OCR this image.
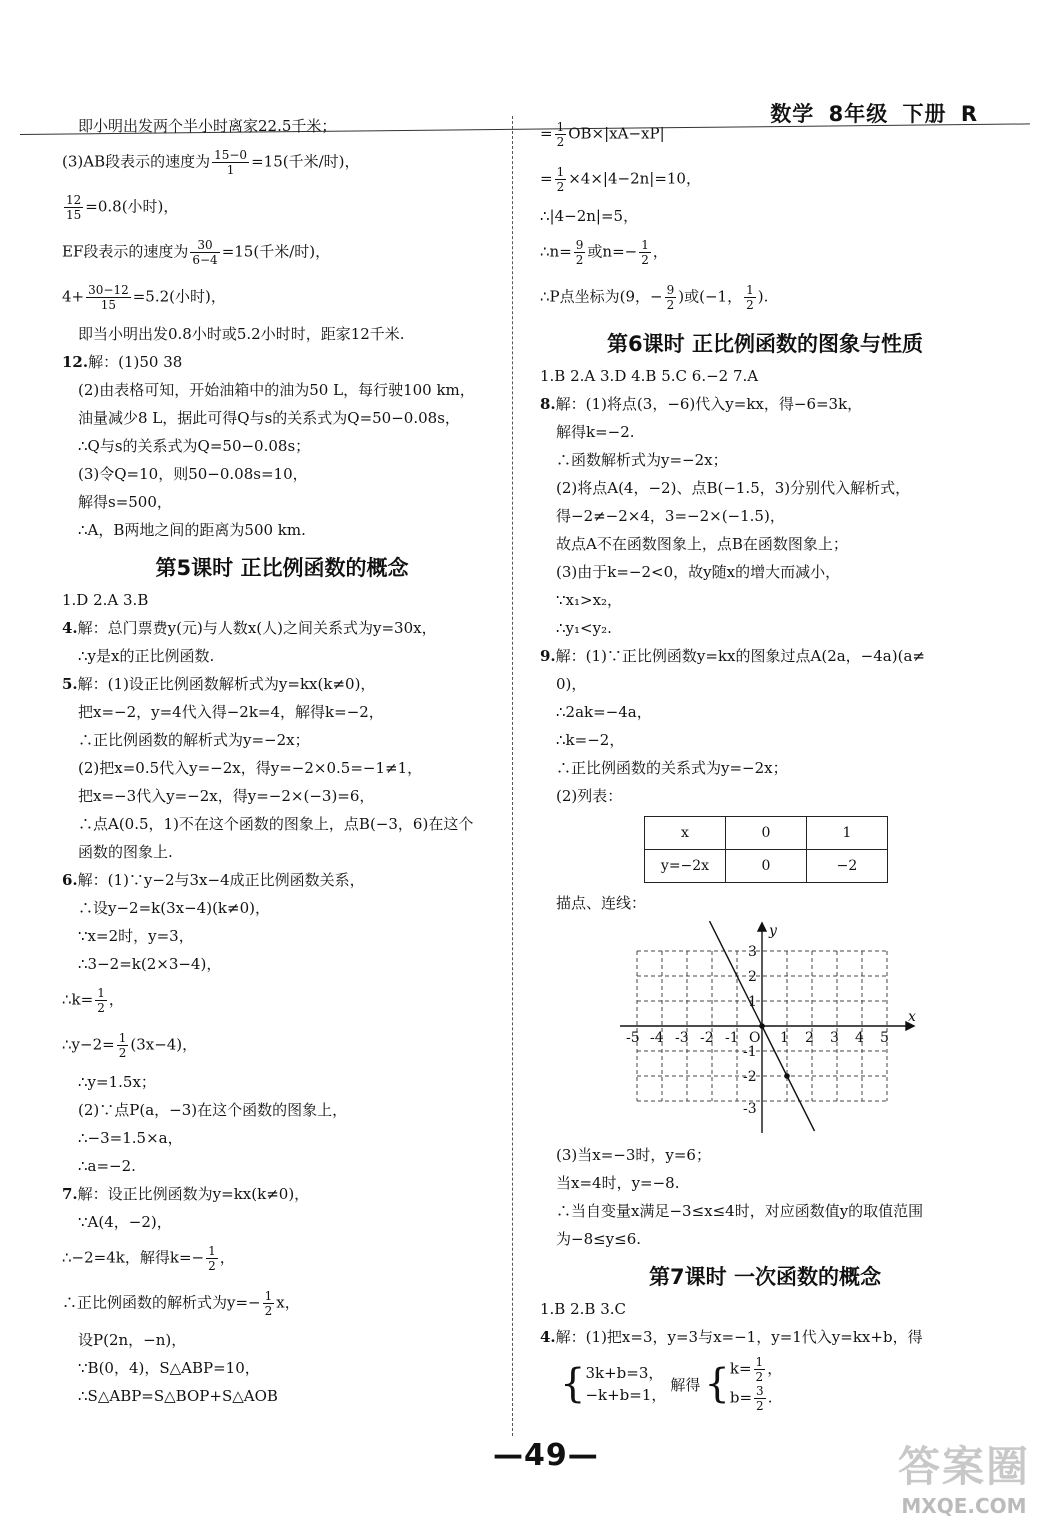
数学 8年级 下册 R

即小明出发两个半小时离家22.5千米；

(3)AB段表示的速度为 $\frac{15-0}{1} =15$(千米/时)，

$\frac{12}{15} =0.8$(小时)，

EF段表示的速度为 $\frac{30}{6-4} =15$(千米/时)，

$4+ \frac{30-12}{15} =5.2$(小时)，

即当小明出发0.8小时或5.2小时时，距家12千米.

12.解：(1)50 38

(2)由表格可知，开始油箱中的油为50 L，每行驶100 km，

油量减少8 L，据此可得Q与s的关系式为Q=50−0.08s，

∴Q与s的关系式为Q=50−0.08s；

(3)令Q=10，则50−0.08s=10，

解得s=500，

∴A，B两地之间的距离为500 km.

第5课时 正比例函数的概念

1.D 2.A 3.B

4.解：总门票费y(元)与人数x(人)之间关系式为y=30x，

∴y是x的正比例函数.

5.解：(1)设正比例函数解析式为y=kx(k≠0)，

把x=−2，y=4代入得−2k=4，解得k=−2，

∴正比例函数的解析式为y=−2x；

(2)把x=0.5代入y=−2x，得y=−2×0.5=−1≠1，

把x=−3代入y=−2x，得y=−2×(−3)=6，

∴点A(0.5，1)不在这个函数的图象上，点B(−3，6)在这个

函数的图象上.

6.解：(1)∵y−2与3x−4成正比例函数关系，

∴设y−2=k(3x−4)(k≠0)，

∵x=2时，y=3，

∴3−2=k(2×3−4)，

∴k= $\frac{1}{2}$ ，

∴y−2= $\frac{1}{2} (3x-4)$，

∴y=1.5x；

(2)∵点P(a，−3)在这个函数的图象上，

∴−3=1.5×a，

∴a=−2.

7.解：设正比例函数为y=kx(k≠0)，

∵A(4，−2)，

∴−2=4k，解得$k=- \frac{1}{2}$ ，

∴正比例函数的解析式为$y=- \frac{1}{2}$ x，

设P(2n，−n)，

∵B(0，4)，S△ABP=10，

∴S△ABP=S△BOP+S△AOB

= $\frac{1}{2} OB\times|xA-xP|$

= $\frac{1}{2} \times 4\times|4-2n|=10$，

∴|4−2n|=5，

∴n= $\frac{9}{2}$ 或$n=- \frac{1}{2}$ ，

∴P点坐标为(9，− $\frac{9}{2}$ )或(−1， $\frac{1}{2}$ ).

第6课时 正比例函数的图象与性质

1.B 2.A 3.D 4.B 5.C 6.−2 7.A

8.解：(1)将点(3，−6)代入y=kx，得−6=3k，

解得k=−2.

∴函数解析式为y=−2x；

(2)将点A(4，−2)、点B(−1.5，3)分别代入解析式，

得−2≠−2×4，3=−2×(−1.5)，

故点A不在函数图象上，点B在函数图象上；

(3)由于k=−2<0，故y随x的增大而减小，

∵x₁>x₂，

∴y₁<y₂.

9.解：(1)∵正比例函数y=kx的图象过点A(2a，−4a)(a≠

0)，

∴2ak=−4a，

∴k=−2，

∴正比例函数的关系式为y=−2x；

(2)列表：

x	0	1
y=−2x	0	−2

描点、连线：

x
y
O
-5 -4 -3 -2 -1	1 2 3 4 5
3
2
1
-1
-2
-3

(3)当x=−3时，y=6；

当x=4时，y=−8.

∴当自变量x满足−3≤x≤4时，对应函数值y的取值范围

为−8≤y≤6.

第7课时 一次函数的概念

1.B 2.B 3.C

4.解：(1)把x=3，y=3与x=−1，y=1代入y=kx+b，得

{ 3k+b=3，

−k+b=1，

解得 { $k= \frac{1}{2}$ ，

$b= \frac{3}{2}$ .

—49—	答案圈
MXQE.COM
